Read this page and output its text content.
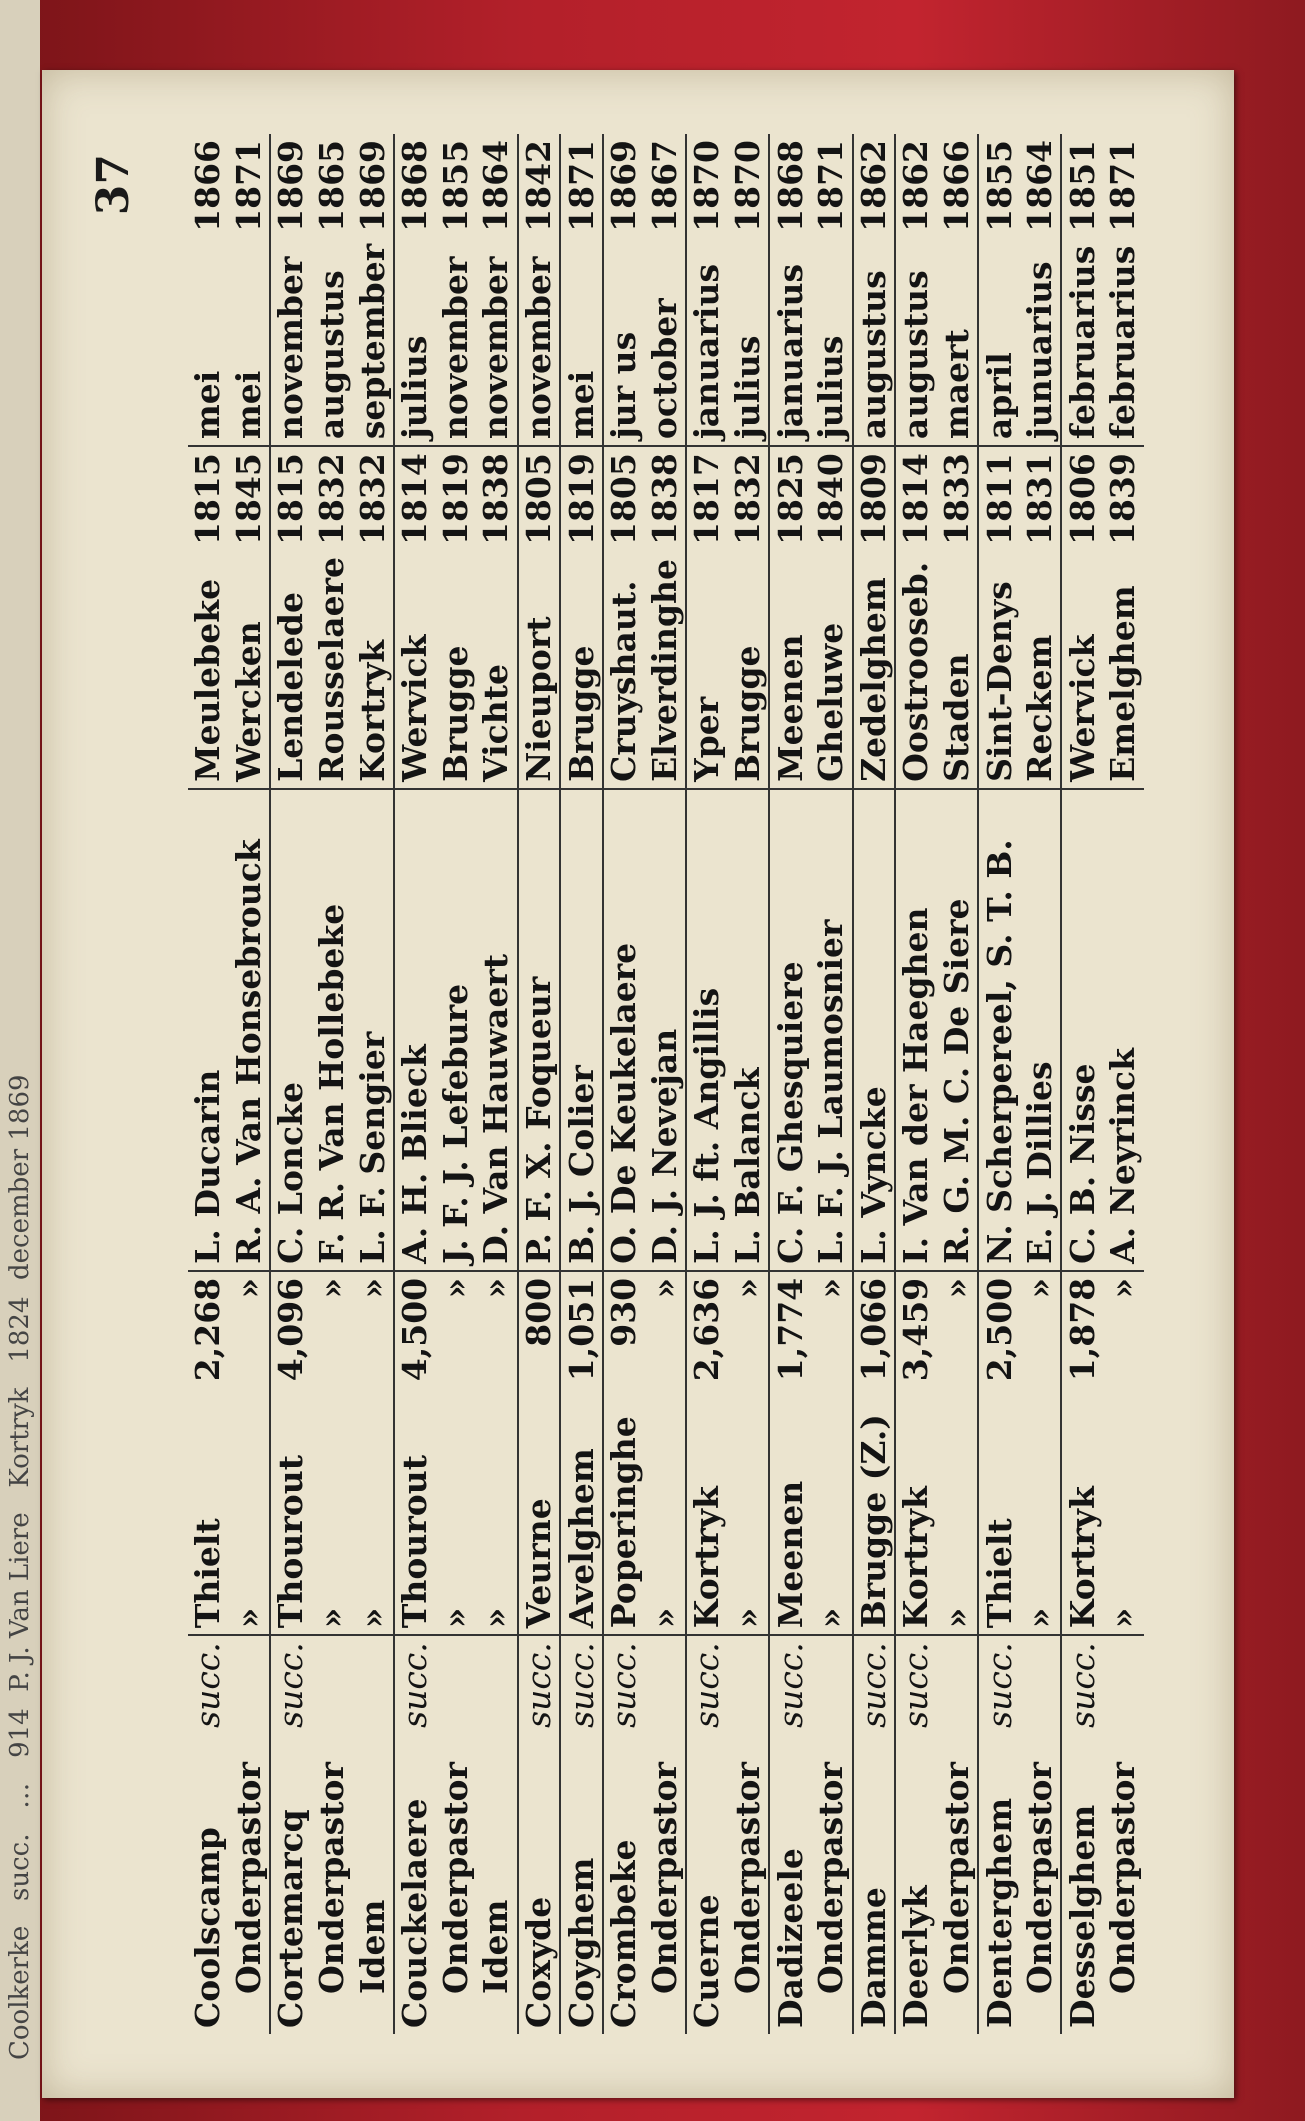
Coolkerke   succ.   …   914  P. J. Van Liere   Kortryk   1824  december 1869
37
Coolscamp	succ.	Thielt	2,268	L. Ducarin	Meulebeke	1815	mei	1866
Onderpastor		»	»	R. A. Van Honsebrouck	Wercken	1845	mei	1871
Cortemarcq	succ.	Thourout	4,096	C. Loncke	Lendelede	1815	november	1869
Onderpastor		»	»	F. R. Van Hollebeke	Rousselaere	1832	augustus	1865
Idem		»	»	L. F. Sengier	Kortryk	1832	september	1869
Couckelaere	succ.	Thourout	4,500	A. H. Blieck	Wervick	1814	julius	1868
Onderpastor		»	»	J. F. J. Lefebure	Brugge	1819	november	1855
Idem		»	»	D. Van Hauwaert	Vichte	1838	november	1864
Coxyde	succ.	Veurne	800	P. F. X. Foqueur	Nieuport	1805	november	1842
Coyghem	succ.	Avelghem	1,051	B. J. Colier	Brugge	1819	mei	1871
Crombeke	succ.	Poperinghe	930	O. De Keukelaere	Cruyshaut.	1805	jur us	1869
Onderpastor		»	»	D. J. Nevejan	Elverdinghe	1838	october	1867
Cuerne	succ.	Kortryk	2,636	L. J. ft. Angillis	Yper	1817	januarius	1870
Onderpastor		»	»	L. Balanck	Brugge	1832	julius	1870
Dadizeele	succ.	Meenen	1,774	C. F. Ghesquiere	Meenen	1825	januarius	1868
Onderpastor		»	»	L. F. J. Laumosnier	Gheluwe	1840	julius	1871
Damme	succ.	Brugge (Z.)	1,066	L. Vyncke	Zedelghem	1809	augustus	1862
Deerlyk	succ.	Kortryk	3,459	I. Van der Haeghen	Oostrooseb.	1814	augustus	1862
Onderpastor		»	»	R. G. M. C. De Siere	Staden	1833	maert	1866
Denterghem	succ.	Thielt	2,500	N. Scherpereel, S. T. B.	Sint-Denys	1811	april	1855
Onderpastor		»	»	E. J. Dillies	Reckem	1831	junuarius	1864
Desselghem	succ.	Kortryk	1,878	C. B. Nisse	Wervick	1806	februarius	1851
Onderpastor		»	»	A. Neyrinck	Emelghem	1839	februarius	1871
